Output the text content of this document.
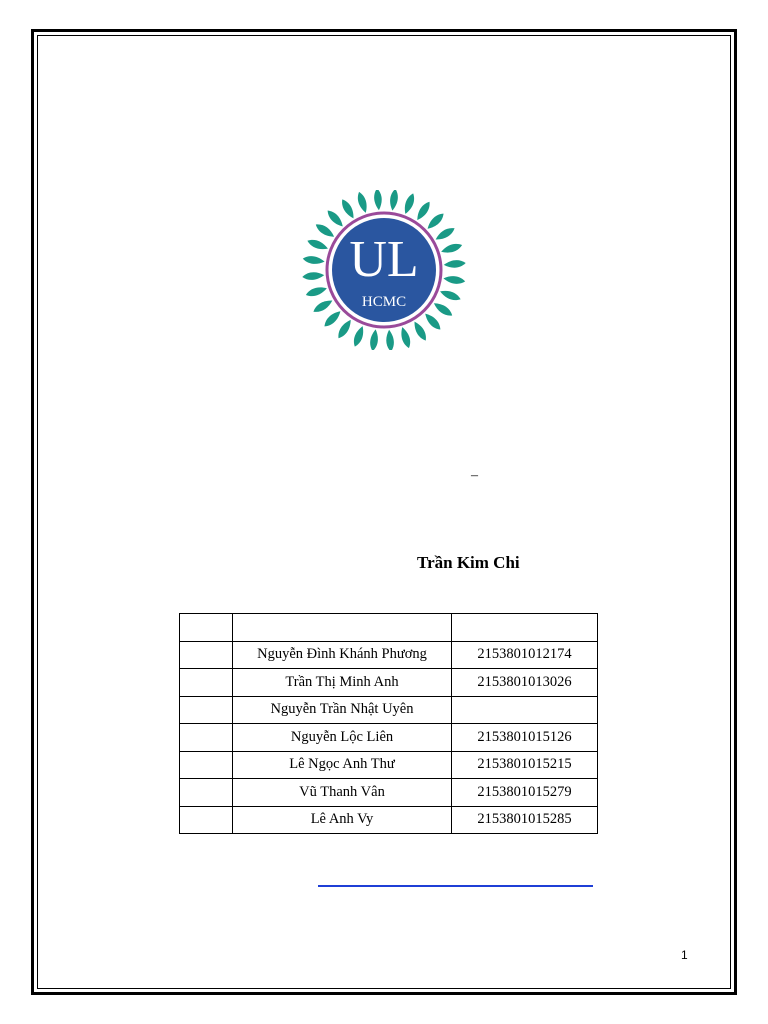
UL
HCMC
–
Trần Kim Chi

	Nguyễn Đình Khánh Phương	2153801012174
	Trần Thị Minh Anh	2153801013026
	Nguyễn Trần Nhật Uyên	
	Nguyễn Lộc Liên	2153801015126
	Lê Ngọc Anh Thư	2153801015215
	Vũ Thanh Vân	2153801015279
	Lê Anh Vy	2153801015285
1
